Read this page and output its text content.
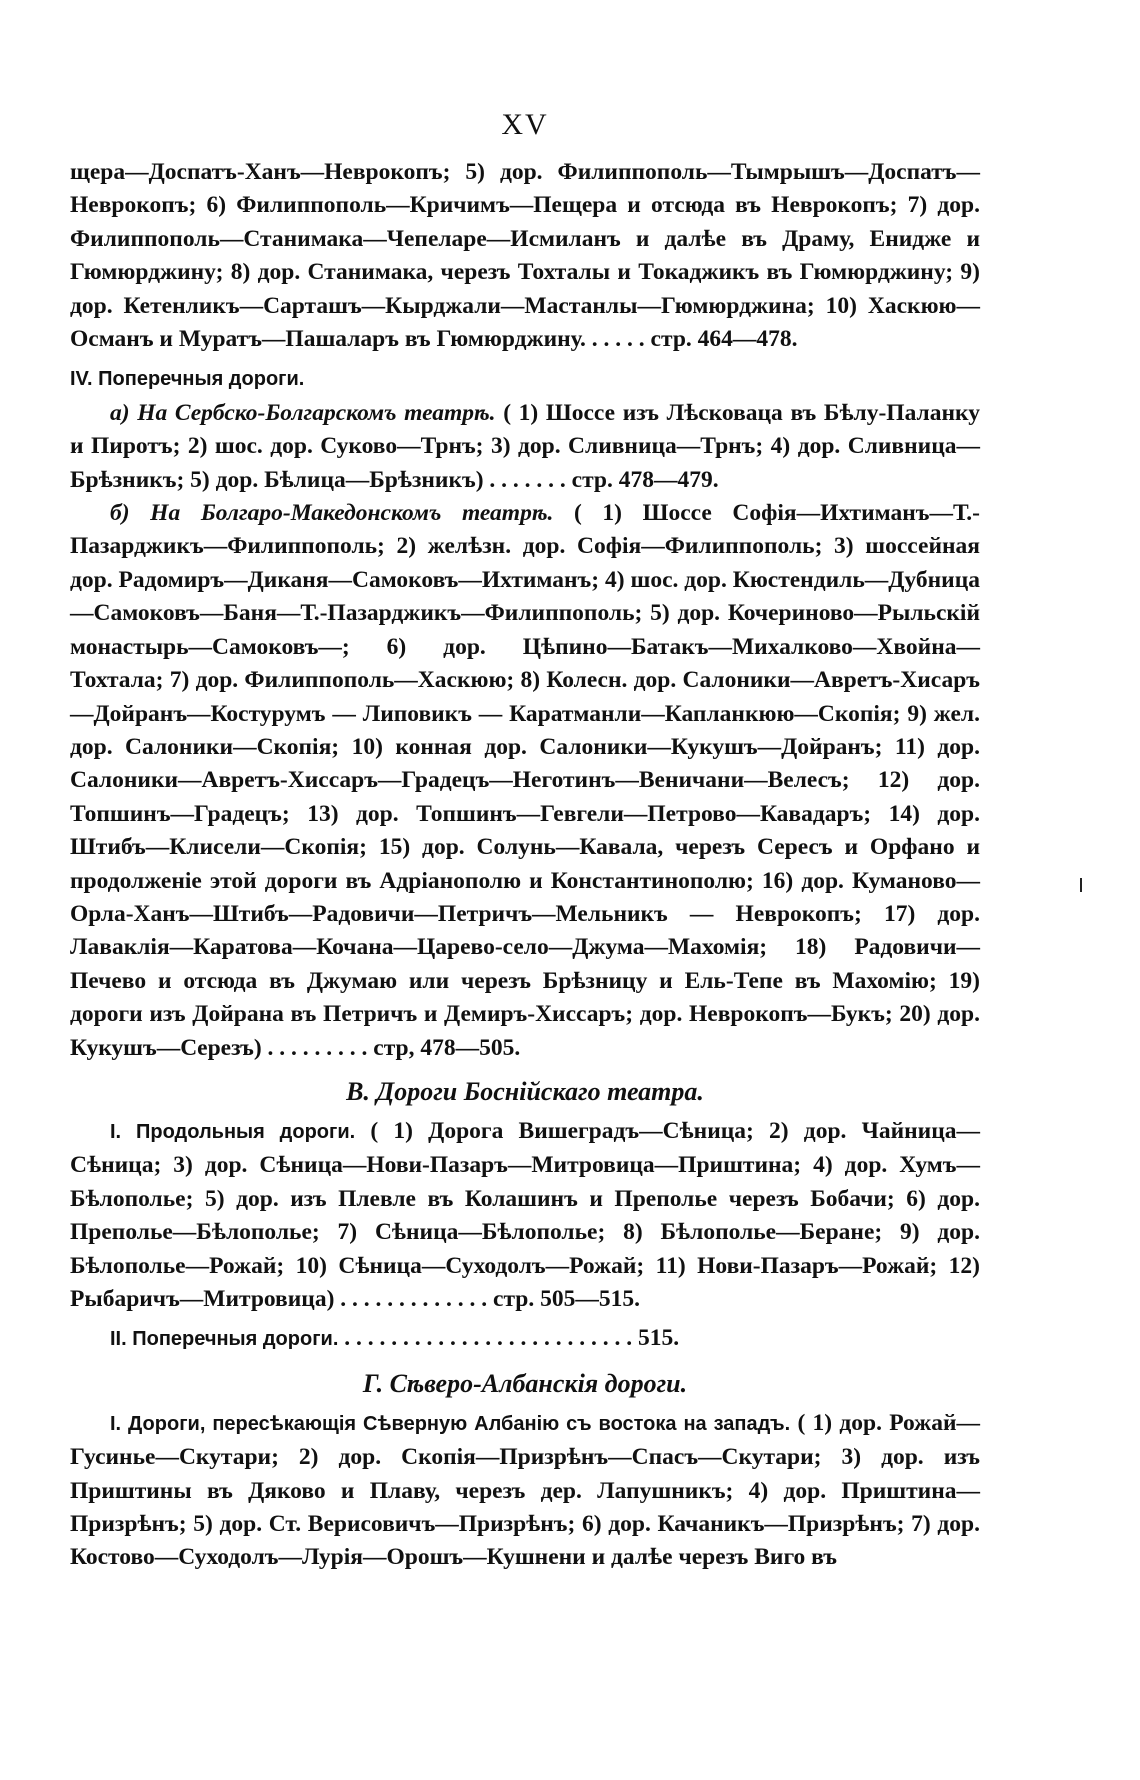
XV

щера—Доспатъ-Ханъ—Неврокопъ; 5) дор. Филиппополь—Тымрышъ—Доспатъ—Неврокопъ; 6) Филиппополь—Кричимъ—Пещера и отсюда въ Неврокопъ; 7) дор. Филиппополь—Станимака—Чепеларе—Исмиланъ и далѣе въ Драму, Енидже и Гюмюрджину; 8) дор. Станимака, черезъ Тохталы и Токаджикъ въ Гюмюрджину; 9) дор. Кетенликъ—Сарташъ—Кырджали—Мастанлы—Гюмюрджина; 10) Хаскюю—Османъ и Муратъ—Пашаларъ въ Гюмюрджину. . . . . . стр. 464—478.

IV. Поперечныя дороги.

а) На Сербско-Болгарскомъ театрѣ. ( 1) Шоссе изъ Лѣсковаца въ Бѣлу-Паланку и Пиротъ; 2) шос. дор. Суково—Трнъ; 3) дор. Сливница—Трнъ; 4) дор. Сливница—Брѣзникъ; 5) дор. Бѣлица—Брѣзникъ) . . . . . . . стр. 478—479.

б) На Болгаро-Македонскомъ театрѣ. ( 1) Шоссе Софія—Ихтиманъ—Т.-Пазарджикъ—Филиппополь; 2) желѣзн. дор. Софія—Филиппополь; 3) шоссейная дор. Радомиръ—Диканя—Самоковъ—Ихтиманъ; 4) шос. дор. Кюстендиль—Дубница—Самоковъ—Баня—Т.-Пазарджикъ—Филиппополь; 5) дор. Кочериново—Рыльскій монастырь—Самоковъ—; 6) дор. Цѣпино—Батакъ—Михалково—Хвойна—Тохтала; 7) дор. Филиппополь—Хаскюю; 8) Колесн. дор. Салоники—Авретъ-Хисаръ—Дойранъ—Костурумъ — Липовикъ — Каратманли—Капланкюю—Скопія; 9) жел. дор. Салоники—Скопія; 10) конная дор. Салоники—Кукушъ—Дойранъ; 11) дор. Салоники—Авретъ-Хиссаръ—Градецъ—Неготинъ—Веничани—Велесъ; 12) дор. Топшинъ—Градецъ; 13) дор. Топшинъ—Гевгели—Петрово—Кавадаръ; 14) дор. Штибъ—Клисели—Скопія; 15) дор. Солунь—Кавала, черезъ Сересъ и Орфано и продолженіе этой дороги въ Адріанополю и Константинополю; 16) дор. Куманово—Орла-Ханъ—Штибъ—Радовичи—Петричъ—Мельникъ — Неврокопъ; 17) дор. Лаваклія—Каратова—Кочана—Царево-село—Джума—Махомія; 18) Радовичи—Печево и отсюда въ Джумаю или черезъ Брѣзницу и Ель-Тепе въ Махомію; 19) дороги изъ Дойрана въ Петричъ и Демиръ-Хиссаръ; дор. Неврокопъ—Букъ; 20) дор. Кукушъ—Cерезъ) . . . . . . . . . стр, 478—505.

В. Дороги Боснійскаго театра.

I. Продольныя дороги. ( 1) Дорога Вишеградъ—Сѣница; 2) дор. Чайница—Сѣница; 3) дор. Сѣница—Нови-Пазаръ—Митровица—Приштина; 4) дор. Хумъ—Бѣлополье; 5) дор. изъ Плевле въ Колашинъ и Преполье черезъ Бобачи; 6) дор. Преполье—Бѣлополье; 7) Сѣница—Бѣлополье; 8) Бѣлополье—Беране; 9) дор. Бѣлополье—Рожай; 10) Сѣница—Суходолъ—Рожай; 11) Нови-Пазаръ—Рожай; 12) Рыбаричъ—Митровица) . . . . . . . . . . . . . стр. 505—515.

II. Поперечныя дороги. . . . . . . . . . . . . . . . . . . . . . . . . . 515.

Г. Сѣверо-Албанскія дороги.

I. Дороги, пересѣкающія Сѣверную Албанію съ востока на западъ. ( 1) дор. Рожай—Гусинье—Скутари; 2) дор. Скопія—Призрѣнъ—Спасъ—Скутари; 3) дор. изъ Приштины въ Дяково и Плаву, черезъ дер. Лапушникъ; 4) дор. Приштина—Призрѣнъ; 5) дор. Ст. Верисовичъ—Призрѣнъ; 6) дор. Качаникъ—Призрѣнъ; 7) дор. Костово—Суходолъ—Лурія—Орошъ—Кушнени и далѣе черезъ Виго въ
